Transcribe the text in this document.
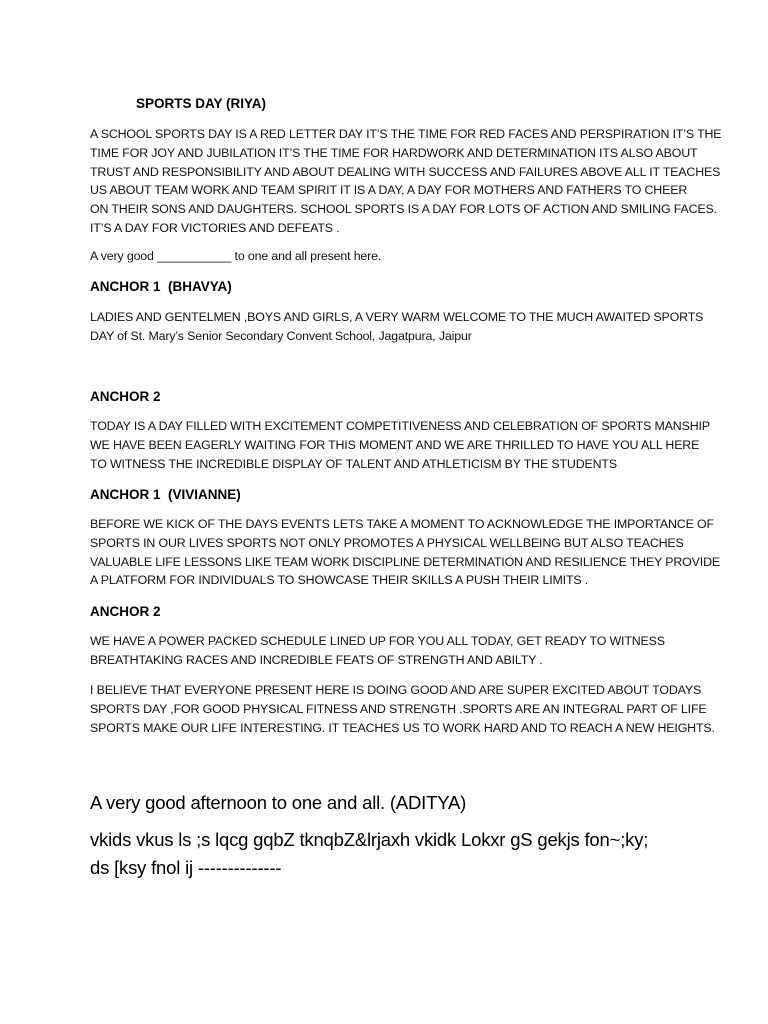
SPORTS DAY (RIYA)

A SCHOOL SPORTS DAY IS A RED LETTER DAY IT’S THE TIME FOR RED FACES AND PERSPIRATION IT’S THE
TIME FOR JOY AND JUBILATION IT’S THE TIME FOR HARDWORK AND DETERMINATION ITS ALSO ABOUT
TRUST AND RESPONSIBILITY AND ABOUT DEALING WITH SUCCESS AND FAILURES ABOVE ALL IT TEACHES
US ABOUT TEAM WORK AND TEAM SPIRIT IT IS A DAY, A DAY FOR MOTHERS AND FATHERS TO CHEER
ON THEIR SONS AND DAUGHTERS. SCHOOL SPORTS IS A DAY FOR LOTS OF ACTION AND SMILING FACES.
IT’S A DAY FOR VICTORIES AND DEFEATS .

A very good ___________ to one and all present here.

ANCHOR 1  (BHAVYA)

LADIES AND GENTELMEN ,BOYS AND GIRLS, A VERY WARM WELCOME TO THE MUCH AWAITED SPORTS
DAY of St. Mary’s Senior Secondary Convent School, Jagatpura, Jaipur

ANCHOR 2

TODAY IS A DAY FILLED WITH EXCITEMENT COMPETITIVENESS AND CELEBRATION OF SPORTS MANSHIP
WE HAVE BEEN EAGERLY WAITING FOR THIS MOMENT AND WE ARE THRILLED TO HAVE YOU ALL HERE
TO WITNESS THE INCREDIBLE DISPLAY OF TALENT AND ATHLETICISM BY THE STUDENTS

ANCHOR 1  (VIVIANNE)

BEFORE WE KICK OF THE DAYS EVENTS LETS TAKE A MOMENT TO ACKNOWLEDGE THE IMPORTANCE OF
SPORTS IN OUR LIVES SPORTS NOT ONLY PROMOTES A PHYSICAL WELLBEING BUT ALSO TEACHES
VALUABLE LIFE LESSONS LIKE TEAM WORK DISCIPLINE DETERMINATION AND RESILIENCE THEY PROVIDE
A PLATFORM FOR INDIVIDUALS TO SHOWCASE THEIR SKILLS A PUSH THEIR LIMITS .

ANCHOR 2

WE HAVE A POWER PACKED SCHEDULE LINED UP FOR YOU ALL TODAY, GET READY TO WITNESS
BREATHTAKING RACES AND INCREDIBLE FEATS OF STRENGTH AND ABILTY .

I BELIEVE THAT EVERYONE PRESENT HERE IS DOING GOOD AND ARE SUPER EXCITED ABOUT TODAYS
SPORTS DAY ,FOR GOOD PHYSICAL FITNESS AND STRENGTH .SPORTS ARE AN INTEGRAL PART OF LIFE
SPORTS MAKE OUR LIFE INTERESTING. IT TEACHES US TO WORK HARD AND TO REACH A NEW HEIGHTS.

A very good afternoon to one and all. (ADITYA)

vkids vkus ls ;s lqcg gqbZ tknqbZ&lrjaxh vkidk Lokxr gS gekjs fon~;ky;
ds [ksy fnol ij --------------
